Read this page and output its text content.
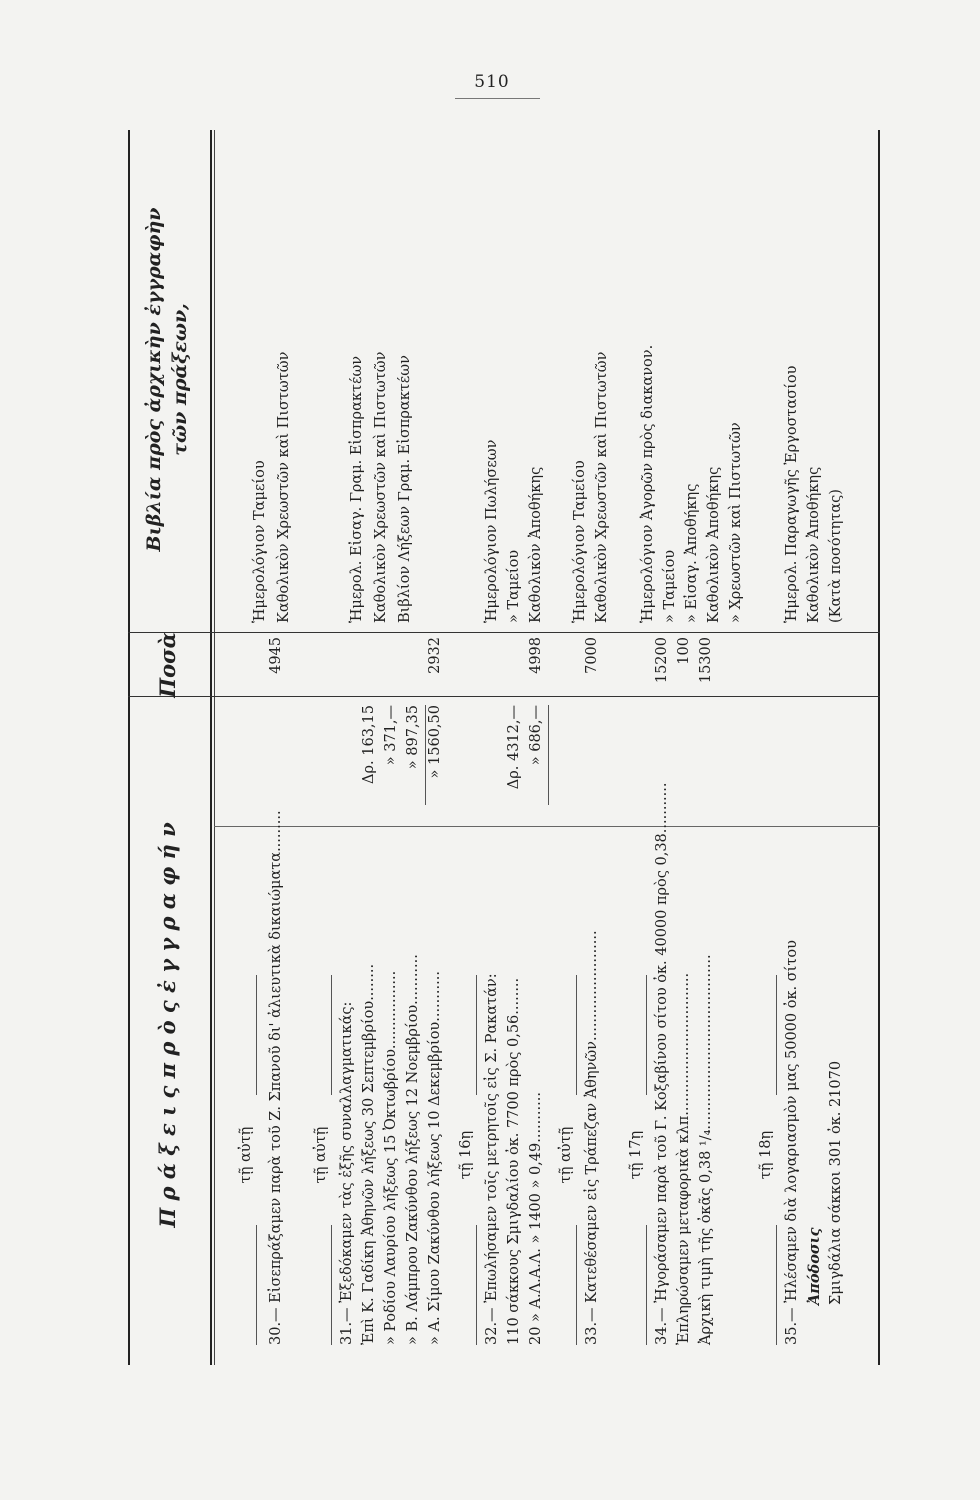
510
Π ρ ά ξ ε ι ς π ρ ὸ ς ἐ γ γ ρ α φ ή ν
Ποσὰ
Βιβλία πρὸς ἀρχικὴν ἐγγραφὴν τῶν πράξεων,
τῇ αὐτῇ 30.— Εἰσεπράξαμεν παρὰ τοῦ Ζ. Σπανοῦ δι' ἀλιευτικὰ δικαιώματα.........
4945
Ἡμερολόγιον Ταμείου Καθολικὸν Χρεωστῶν καὶ Πιστωτῶν
τῇ αὐτῇ 31.— Ἐξεδόκαμεν τὰς ἑξῆς συναλλαγματικάς: Ἐπὶ Κ. Γαδίκη Ἀθηνῶν λήξεως 30 Σεπτεμβρίου........ » Ροδίου Λαυρίου λήξεως 15 Ὀκτωβρίου................. » Β. Λάμπρου Ζακύνθου λήξεως 12 Νοεμβρίου........... » Α. Σίμου Ζακύνθου λήξεως 10 Δεκεμβρίου...........
Δρ. 163,15 » 371,— » 897,35 » 1560,50
2932
Ἡμερολ. Εἰσαγ. Γραμ. Εἰσπρακτέων Καθολικὸν Χρεωστῶν καὶ Πιστωτῶν Βιβλίον Λήξεων Γραμ. Εἰσπρακτέων
τῇ 16ῃ 32.— Ἐπωλήσαμεν τοῖς μετρητοῖς εἰς Σ. Ρακατάν: 110 σάκκους Σμιγδαλίου ὀκ. 7700 πρὸς 0,56........ 20 » Α.Λ.Α.Λ. » 1400 » 0,49...........
Δρ. 4312,— » 686,—
4998
Ἡμερολόγιον Πωλήσεων » Ταμείου Καθολικὸν Ἀποθήκης
τῇ αὐτῇ 33.— Κατεθέσαμεν εἰς Τράπεζαν Ἀθηνῶν........................
7000
Ἡμερολόγιον Ταμείου Καθολικὸν Χρεωστῶν καὶ Πιστωτῶν
τῇ 17ῃ 34.— Ἠγοράσαμεν παρὰ τοῦ Γ. Κοξαβίνου σίτου ὀκ. 40000 πρὸς 0,38........... Ἐπληρώσαμεν μεταφορικὰ κλπ............................... Ἀρχικὴ τιμὴ τῆς ὀκᾶς 0,38 ¹/₄......................................
15200 100 15300
Ἡμερολόγιον Ἀγορῶν πρὸς διακανον. » Ταμείου » Εἰσαγ. Ἀποθήκης Καθολικὸν Ἀποθήκης » Χρεωστῶν καὶ Πιστωτῶν
τῇ 18ῃ 35.— Ἠλέσαμεν διὰ λογαριασμὸν μας 50000 ὀκ. σίτου Ἀπόδοσις Σμιγδάλια σάκκοι 301 ὀκ. 21070
Ἡμερολ. Παραγωγῆς Ἐργοστασίου Καθολικὸν Ἀποθήκης (Κατὰ ποσότητας)
